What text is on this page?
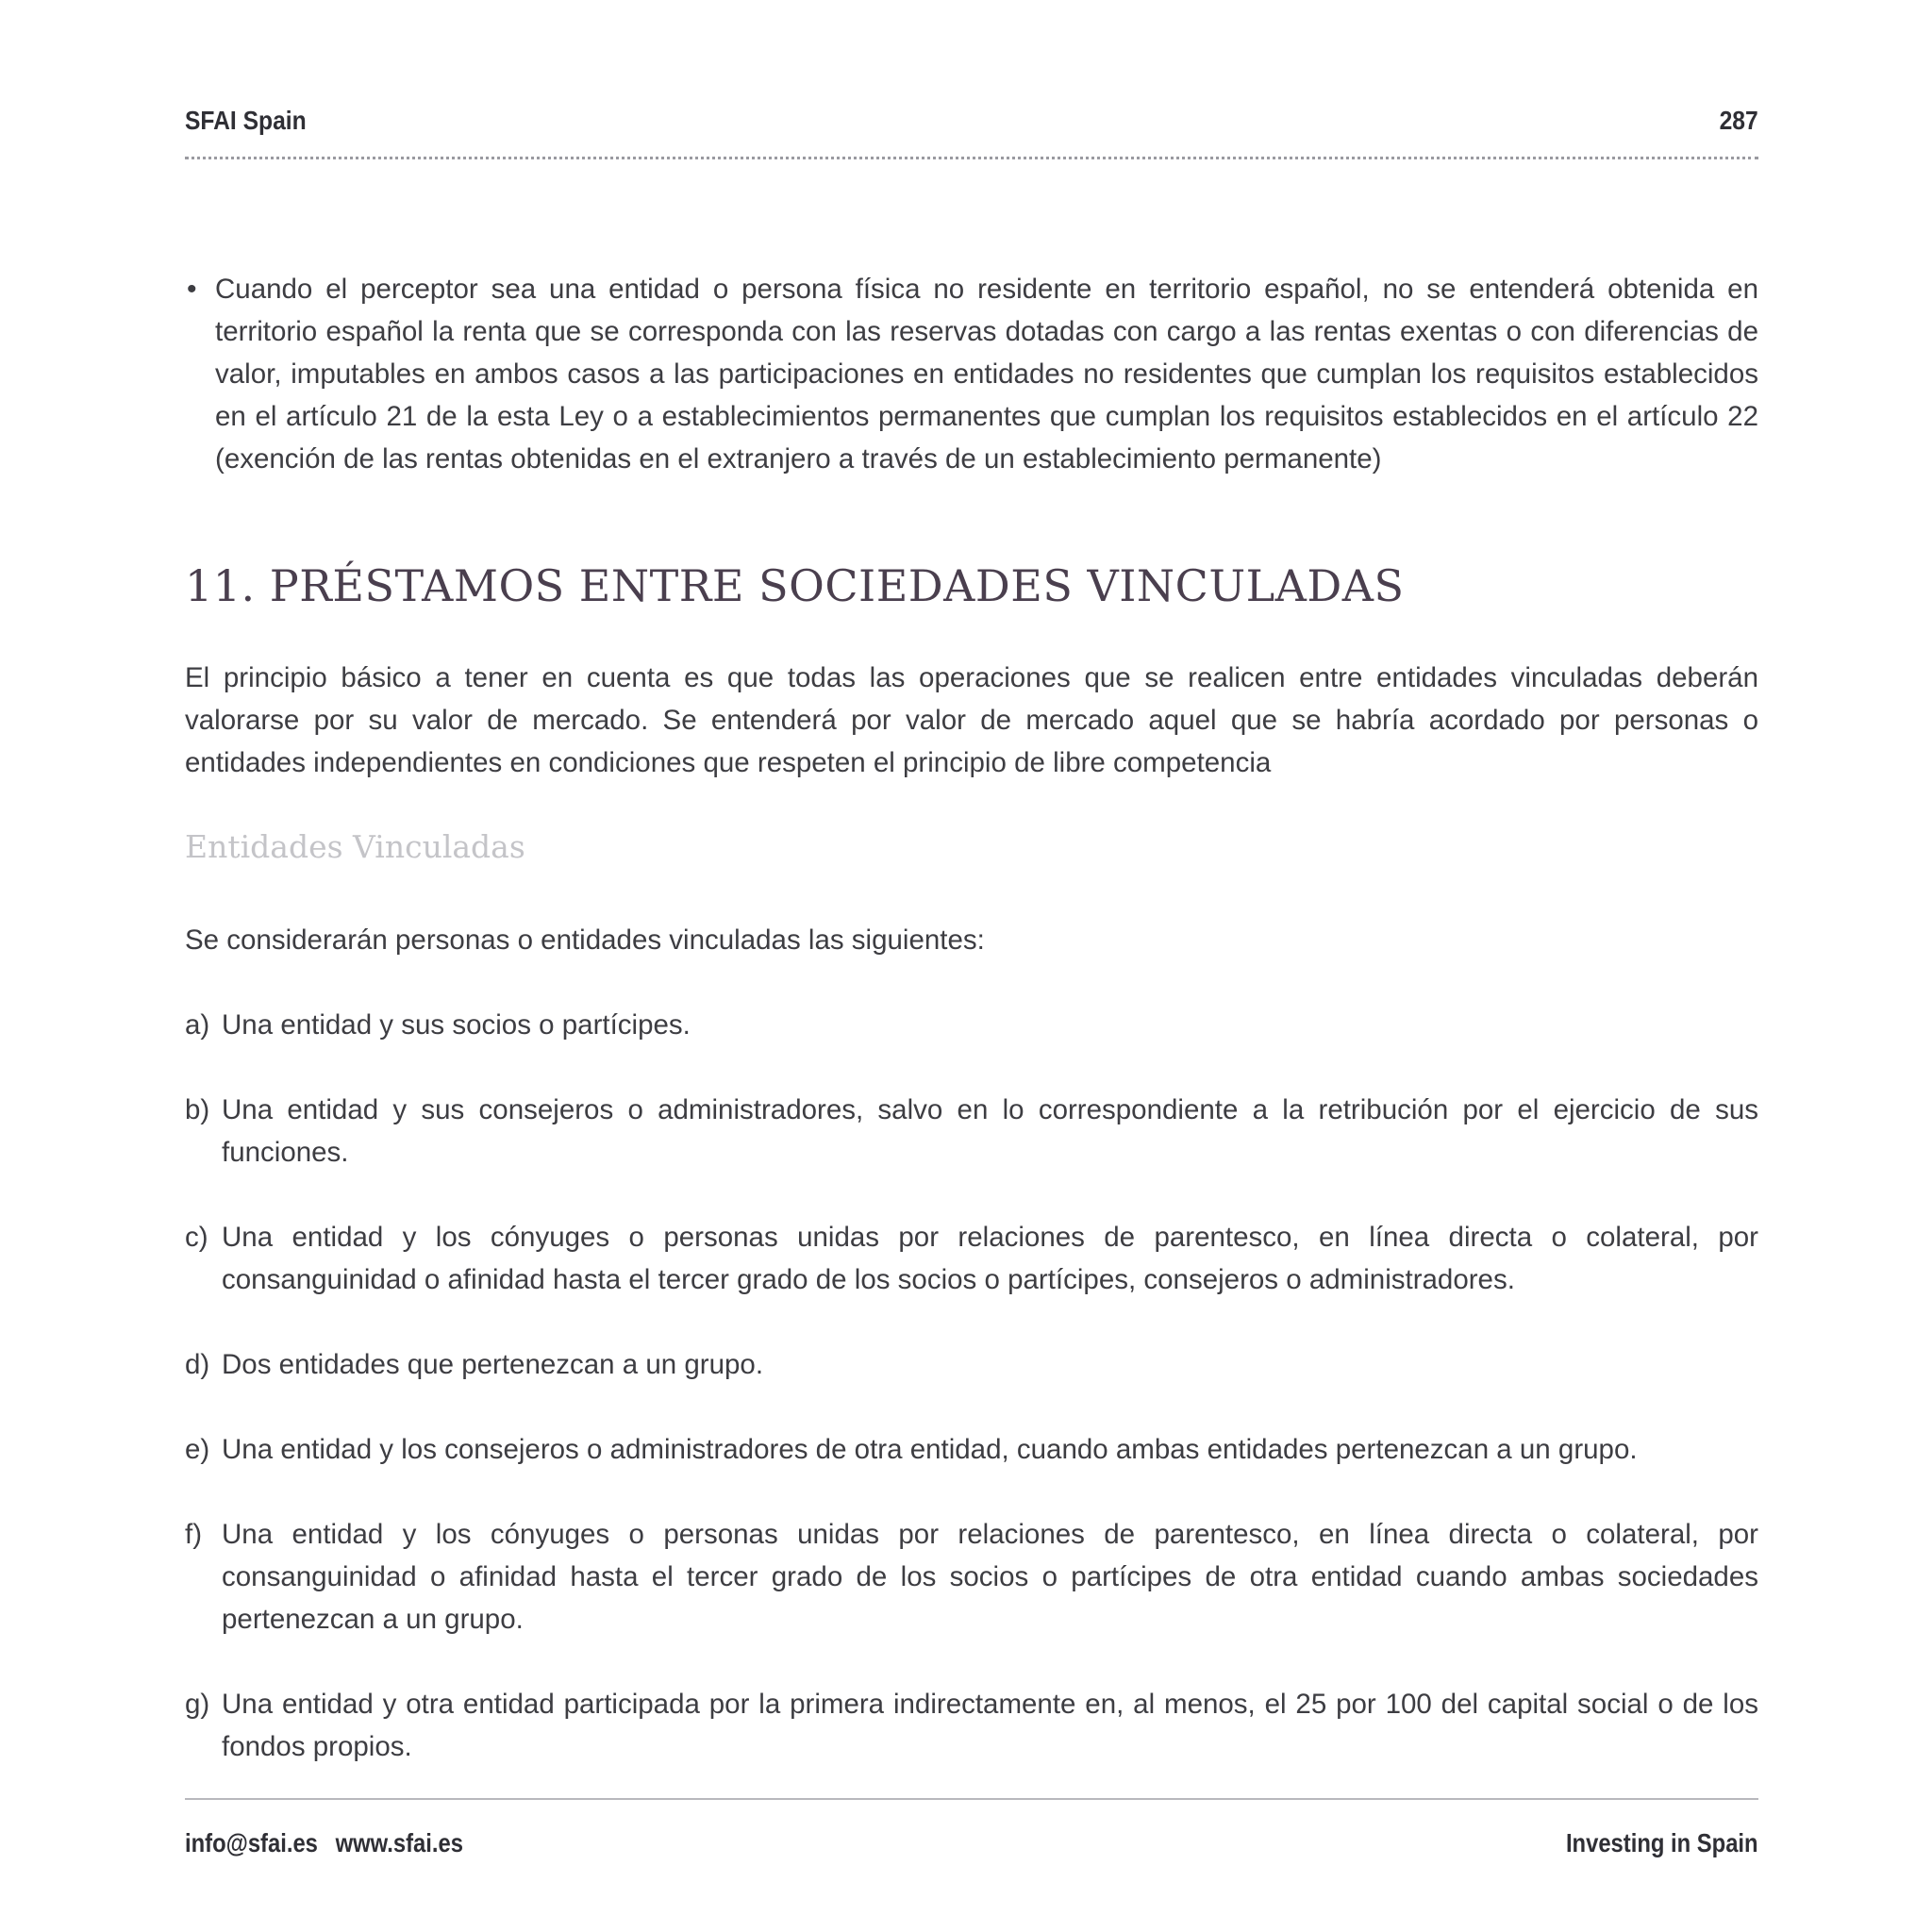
SFAI Spain	287
• Cuando el perceptor sea una entidad o persona física no residente en territorio español, no se entenderá obtenida en territorio español la renta que se corresponda con las reservas dotadas con cargo a las rentas exentas o con diferencias de valor, imputables en ambos casos a las participaciones en entidades no residentes que cumplan los requisitos establecidos en el artículo 21 de la esta Ley o a establecimientos permanentes que cumplan los requisitos establecidos en el artículo 22 (exención de las rentas obtenidas en el extranjero a través de un establecimiento permanente)
11. PRÉSTAMOS ENTRE SOCIEDADES VINCULADAS
El principio básico a tener en cuenta es que todas las operaciones que se realicen entre entidades vinculadas deberán valorarse por su valor de mercado. Se entenderá por valor de mercado aquel que se habría acordado por personas o entidades independientes en condiciones que respeten el principio de libre competencia
Entidades Vinculadas
Se considerarán personas o entidades vinculadas las siguientes:
a) Una entidad y sus socios o partícipes.
b) Una entidad y sus consejeros o administradores, salvo en lo correspondiente a la retribución por el ejercicio de sus funciones.
c) Una entidad y los cónyuges o personas unidas por relaciones de parentesco, en línea directa o colateral, por consanguinidad o afinidad hasta el tercer grado de los socios o partícipes, consejeros o administradores.
d) Dos entidades que pertenezcan a un grupo.
e) Una entidad y los consejeros o administradores de otra entidad, cuando ambas entidades pertenezcan a un grupo.
f) Una entidad y los cónyuges o personas unidas por relaciones de parentesco, en línea directa o colateral, por consanguinidad o afinidad hasta el tercer grado de los socios o partícipes de otra entidad cuando ambas sociedades pertenezcan a un grupo.
g) Una entidad y otra entidad participada por la primera indirectamente en, al menos, el 25 por 100 del capital social o de los fondos propios.
info@sfai.es www.sfai.es	Investing in Spain
